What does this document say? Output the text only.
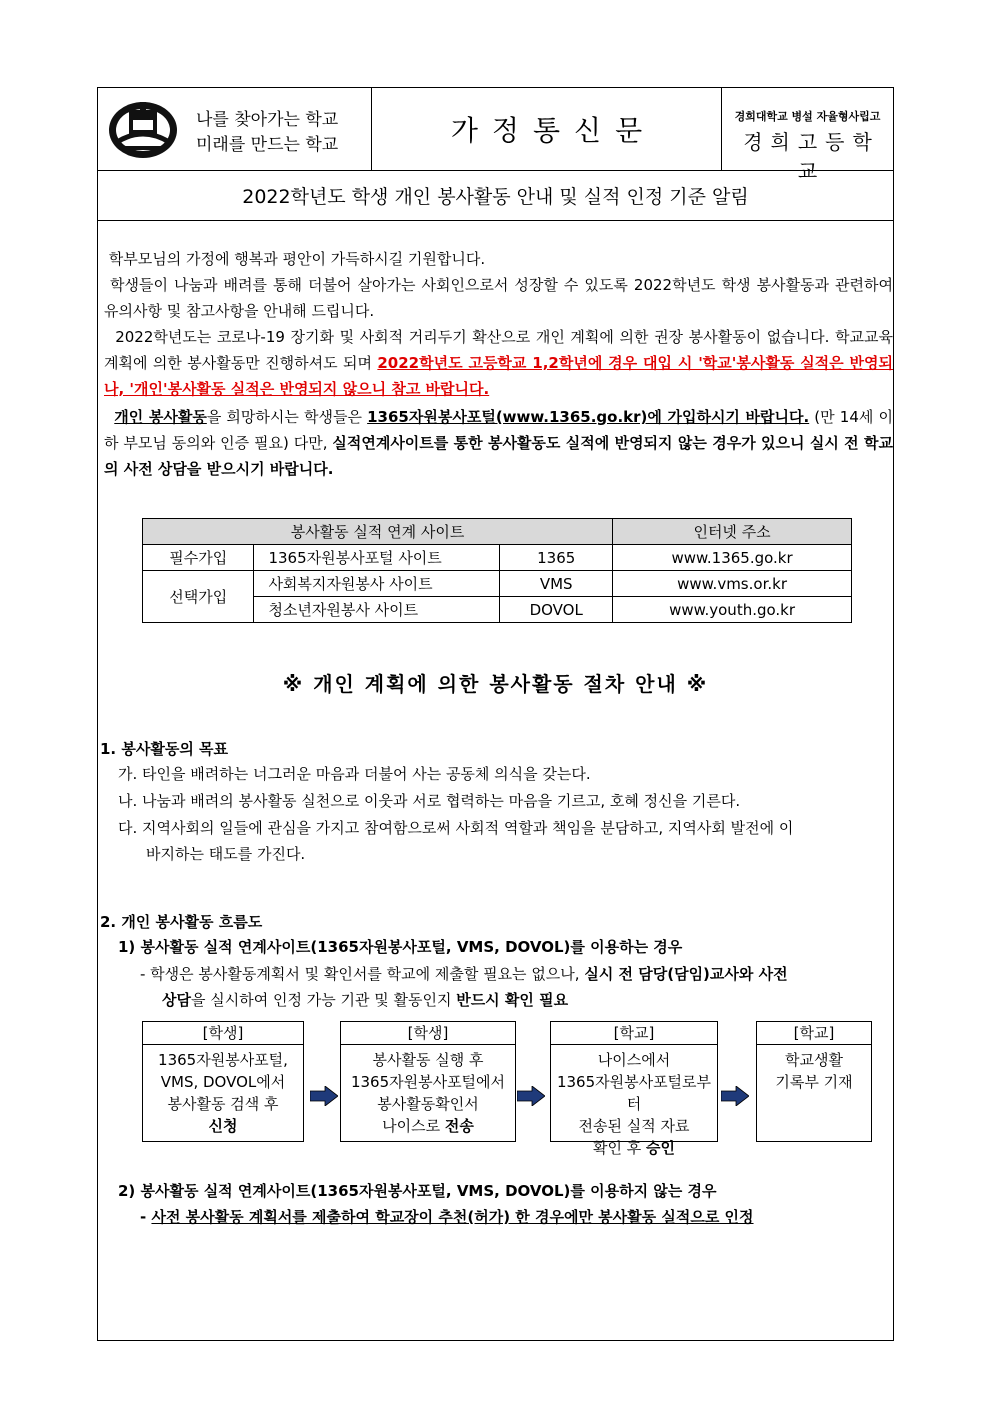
나를 찾아가는 학교
미래를 만드는 학교	가정통신문	경희대학교 병설 자율형사립고
경희고등학교
2022학년도 학생 개인 봉사활동 안내 및 실적 인정 기준 알림
학부모님의 가정에 행복과 평안이 가득하시길 기원합니다.
학생들이 나눔과 배려를 통해 더불어 살아가는 사회인으로서 성장할 수 있도록 2022학년도 학생 봉사활동과 관련하여 유의사항 및 참고사항을 안내해 드립니다.
2022학년도는 코로나-19 장기화 및 사회적 거리두기 확산으로 개인 계획에 의한 권장 봉사활동이 없습니다. 학교교육계획에 의한 봉사활동만 진행하셔도 되며 2022학년도 고등학교 1,2학년에 경우 대입 시 '학교'봉사활동 실적은 반영되나, '개인'봉사활동 실적은 반영되지 않으니 참고 바랍니다.
개인 봉사활동을 희망하시는 학생들은 1365자원봉사포털(www.1365.go.kr)에 가입하시기 바랍니다. (만 14세 이하 부모님 동의와 인증 필요) 다만, 실적연계사이트를 통한 봉사활동도 실적에 반영되지 않는 경우가 있으니 실시 전 학교의 사전 상담을 받으시기 바랍니다.
봉사활동 실적 연계 사이트			인터넷 주소
필수가입	1365자원봉사포털 사이트	1365	www.1365.go.kr
선택가입	사회복지자원봉사 사이트	VMS	www.vms.or.kr
	청소년자원봉사 사이트	DOVOL	www.youth.go.kr
※ 개인 계획에 의한 봉사활동 절차 안내 ※
1. 봉사활동의 목표
가. 타인을 배려하는 너그러운 마음과 더불어 사는 공동체 의식을 갖는다.
나. 나눔과 배려의 봉사활동 실천으로 이웃과 서로 협력하는 마음을 기르고, 호혜 정신을 기른다.
다. 지역사회의 일들에 관심을 가지고 참여함으로써 사회적 역할과 책임을 분담하고, 지역사회 발전에 이
바지하는 태도를 가진다.
2. 개인 봉사활동 흐름도
1) 봉사활동 실적 연계사이트(1365자원봉사포털, VMS, DOVOL)를 이용하는 경우
- 학생은 봉사활동계획서 및 확인서를 학교에 제출할 필요는 없으나, 실시 전 담당(담임)교사와 사전
상담을 실시하여 인정 가능 기관 및 활동인지 반드시 확인 필요
[학생]
1365자원봉사포털,
VMS, DOVOL에서
봉사활동 검색 후
신청
[학생]
봉사활동 실행 후
1365자원봉사포털에서
봉사활동확인서
나이스로 전송
[학교]
나이스에서
1365자원봉사포털로부터
전송된 실적 자료
확인 후 승인
[학교]
학교생활
기록부 기재
2) 봉사활동 실적 연계사이트(1365자원봉사포털, VMS, DOVOL)를 이용하지 않는 경우
- 사전 봉사활동 계획서를 제출하여 학교장이 추천(허가) 한 경우에만 봉사활동 실적으로 인정
